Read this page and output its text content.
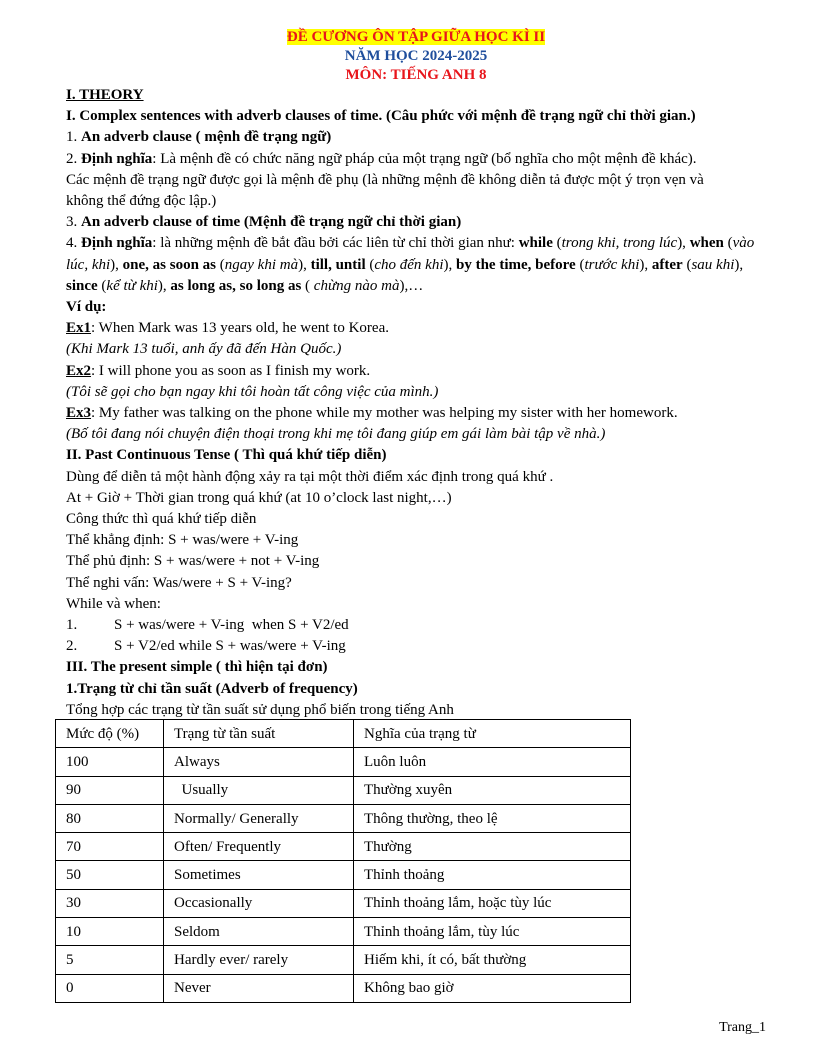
ĐỀ CƯƠNG ÔN TẬP GIỮA HỌC KÌ II
NĂM HỌC 2024-2025
MÔN: TIẾNG ANH 8
I. THEORY
I. Complex sentences with adverb clauses of time. (Câu phức với mệnh đề trạng ngữ chỉ thời gian.)
1. An adverb clause ( mệnh đề trạng ngữ)
2. Định nghĩa: Là mệnh đề có chức năng ngữ pháp của một trạng ngữ (bổ nghĩa cho một mệnh đề khác).
Các mệnh đề trạng ngữ được gọi là mệnh đề phụ (là những mệnh đề không diễn tả được một ý trọn vẹn và
không thể đứng độc lập.)
3. An adverb clause of time (Mệnh đề trạng ngữ chỉ thời gian)
4. Định nghĩa: là những mệnh đề bắt đầu bởi các liên từ chỉ thời gian như: while (trong khi, trong lúc), when (vào lúc, khi), one, as soon as (ngay khi mà), till, until (cho đến khi), by the time, before (trước khi), after (sau khi), since (kể từ khi), as long as, so long as ( chừng nào mà),…
Ví dụ:
Ex1: When Mark was 13 years old, he went to Korea.
(Khi Mark 13 tuổi, anh ấy đã đến Hàn Quốc.)
Ex2: I will phone you as soon as I finish my work.
(Tôi sẽ gọi cho bạn ngay khi tôi hoàn tất công việc của mình.)
Ex3: My father was talking on the phone while my mother was helping my sister with her homework.
(Bố tôi đang nói chuyện điện thoại trong khi mẹ tôi đang giúp em gái làm bài tập về nhà.)
II. Past Continuous Tense ( Thì quá khứ tiếp diễn)
Dùng để diễn tả một hành động xảy ra tại một thời điểm xác định trong quá khứ .
At + Giờ + Thời gian trong quá khứ (at 10 o’clock last night,…)
Công thức thì quá khứ tiếp diễn
Thể khẳng định: S + was/were + V-ing
Thể phủ định: S + was/were + not + V-ing
Thể nghi vấn: Was/were + S + V-ing?
While và when:
1. S + was/were + V-ing  when S + V2/ed
2. S + V2/ed while S + was/were + V-ing
III. The present simple ( thì hiện tại đơn)
1.Trạng từ chỉ tần suất (Adverb of frequency)
Tổng hợp các trạng từ tần suất sử dụng phổ biến trong tiếng Anh
Mức độ (%)	Trạng từ tần suất	Nghĩa của trạng từ
100	Always	Luôn luôn
90	Usually	Thường xuyên
80	Normally/ Generally	Thông thường, theo lệ
70	Often/ Frequently	Thường
50	Sometimes	Thỉnh thoảng
30	Occasionally	Thỉnh thoảng lắm, hoặc tùy lúc
10	Seldom	Thỉnh thoảng lắm, tùy lúc
5	Hardly ever/ rarely	Hiếm khi, ít có, bất thường
0	Never	Không bao giờ
Trang_1
